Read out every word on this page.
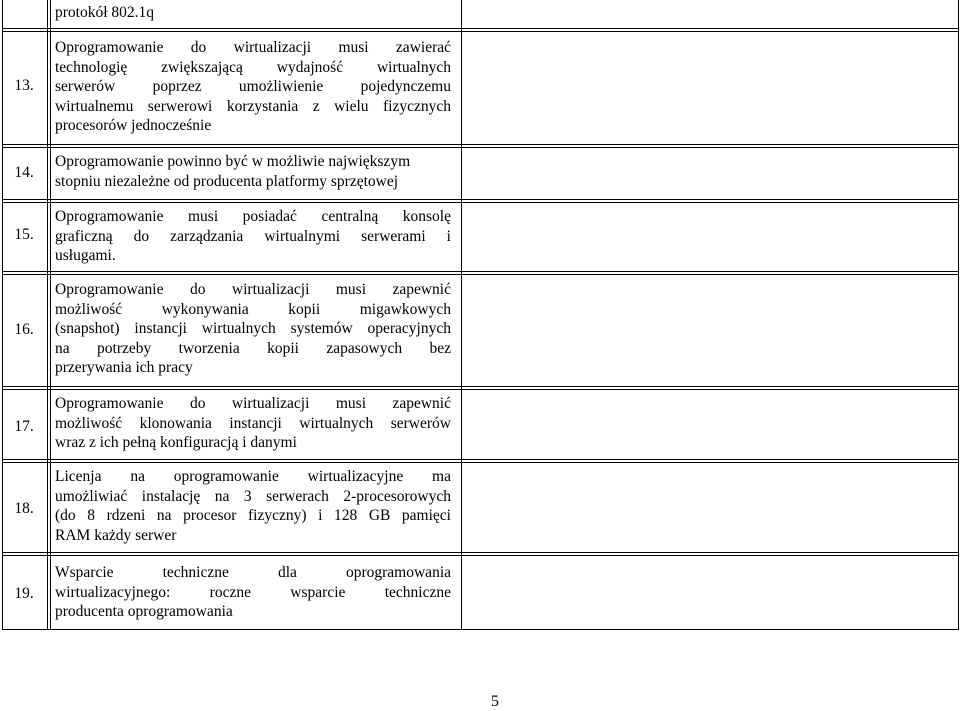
protokół 802.1q
13.
Oprogramowanie do wirtualizacji musi zawierać
technologię zwiększającą wydajność wirtualnych
serwerów poprzez umożliwienie pojedynczemu
wirtualnemu serwerowi korzystania z wielu fizycznych
procesorów jednocześnie
14.
Oprogramowanie powinno być w możliwie największym
stopniu niezależne od producenta platformy sprzętowej
15.
Oprogramowanie musi posiadać centralną konsolę
graficzną do zarządzania wirtualnymi serwerami i
usługami.
16.
Oprogramowanie do wirtualizacji musi zapewnić
możliwość wykonywania kopii migawkowych
(snapshot) instancji wirtualnych systemów operacyjnych
na potrzeby tworzenia kopii zapasowych bez
przerywania ich pracy
17.
Oprogramowanie do wirtualizacji musi zapewnić
możliwość klonowania instancji wirtualnych serwerów
wraz z ich pełną konfiguracją i danymi
18.
Licenja na oprogramowanie wirtualizacyjne ma
umożliwiać instalację na 3 serwerach 2-procesorowych
(do 8 rdzeni na procesor fizyczny) i 128 GB pamięci
RAM każdy serwer
19.
Wsparcie techniczne dla oprogramowania
wirtualizacyjnego: roczne wsparcie techniczne
producenta oprogramowania
5
